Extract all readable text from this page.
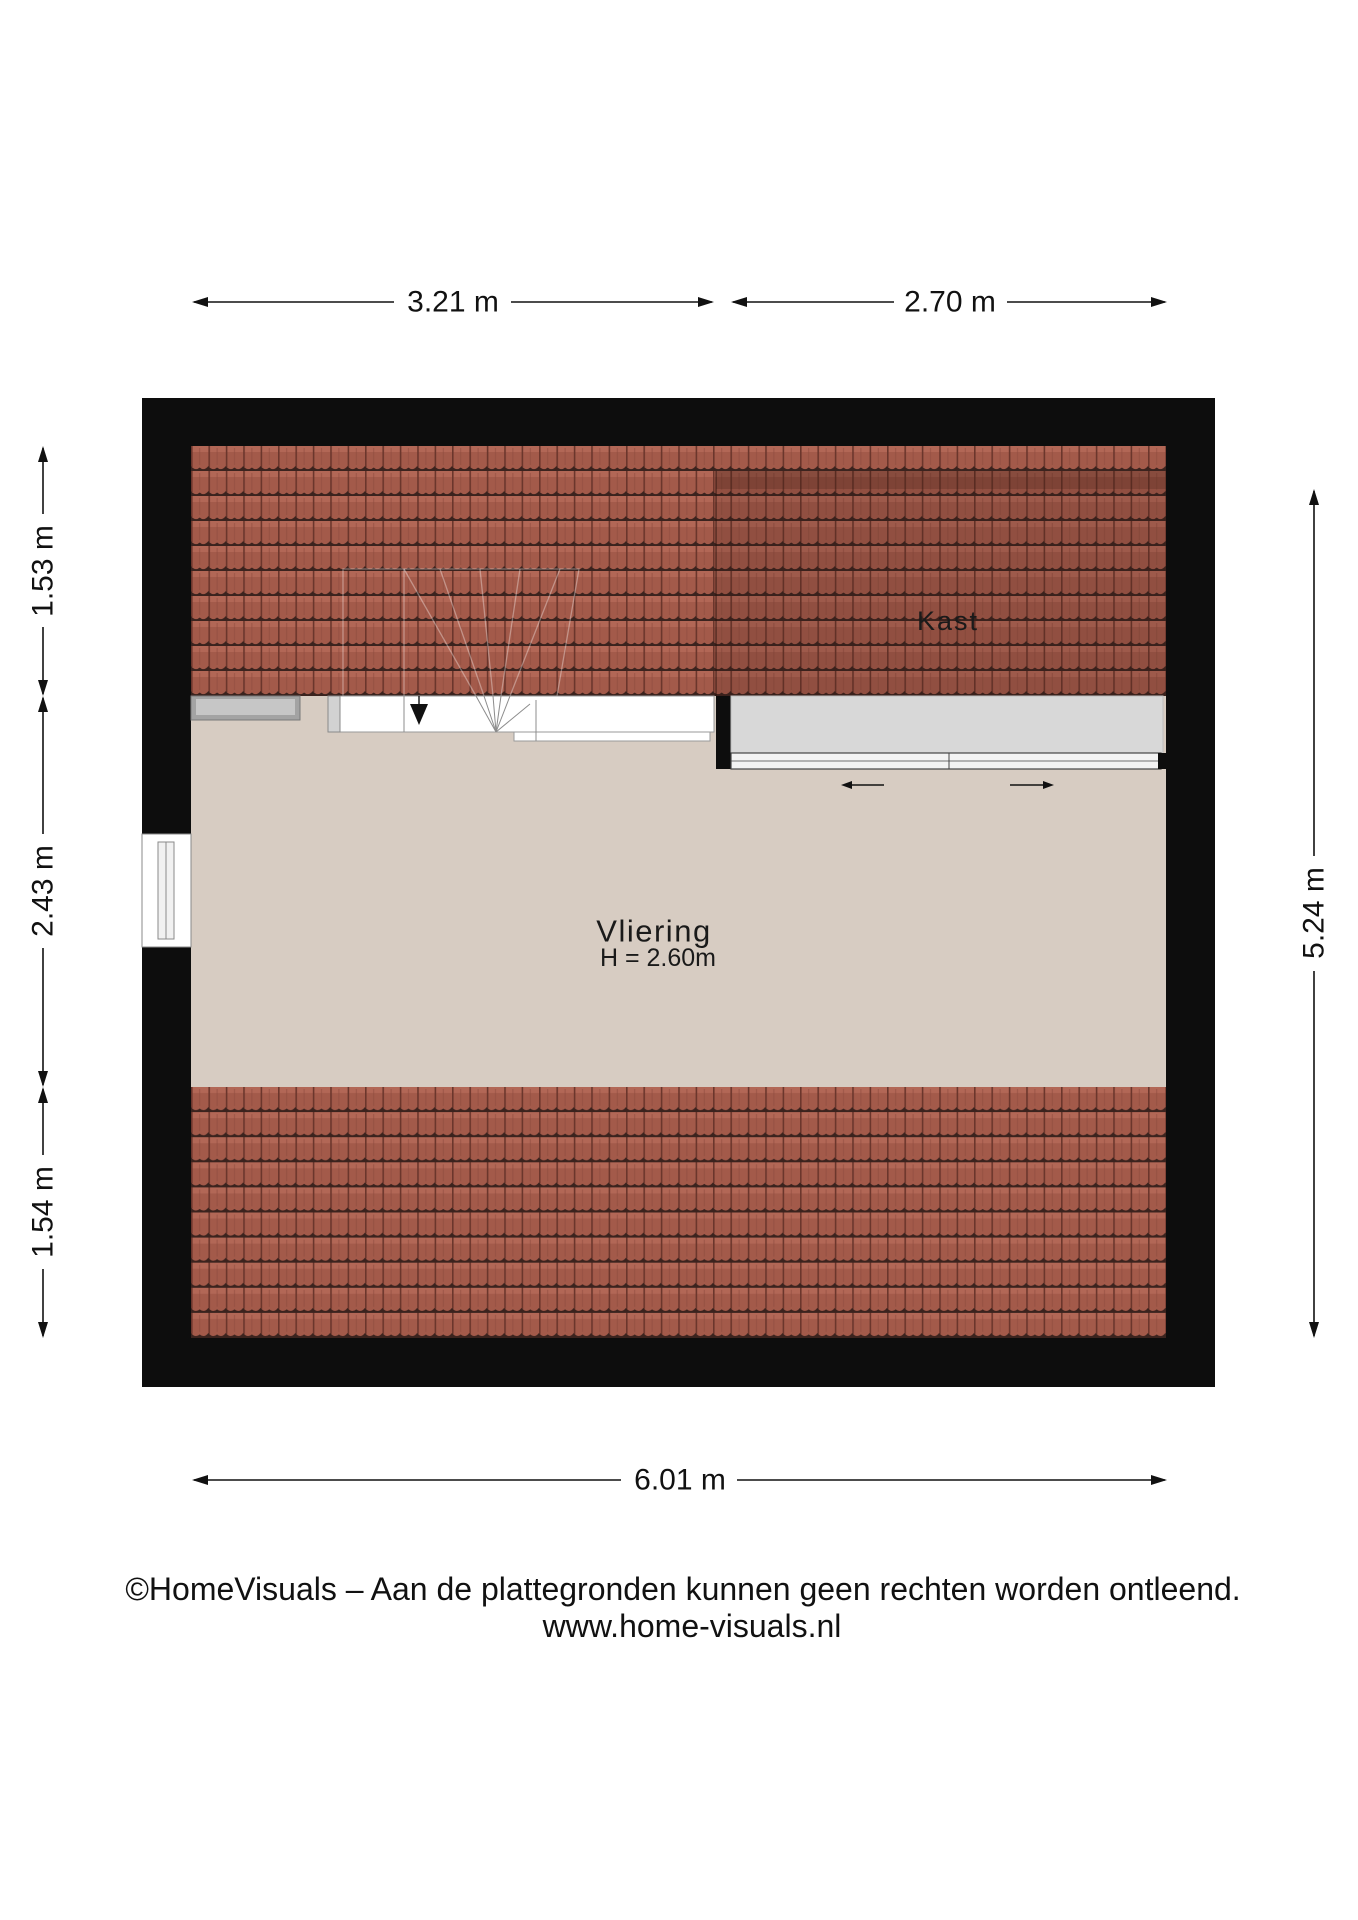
3.21 m	2.70 m
1.53 m
2.43 m
1.54 m
5.24 m
Kast
Vliering
H = 2.60m
6.01 m
©HomeVisuals – Aan de plattegronden kunnen geen rechten worden ontleend.
www.home-visuals.nl
